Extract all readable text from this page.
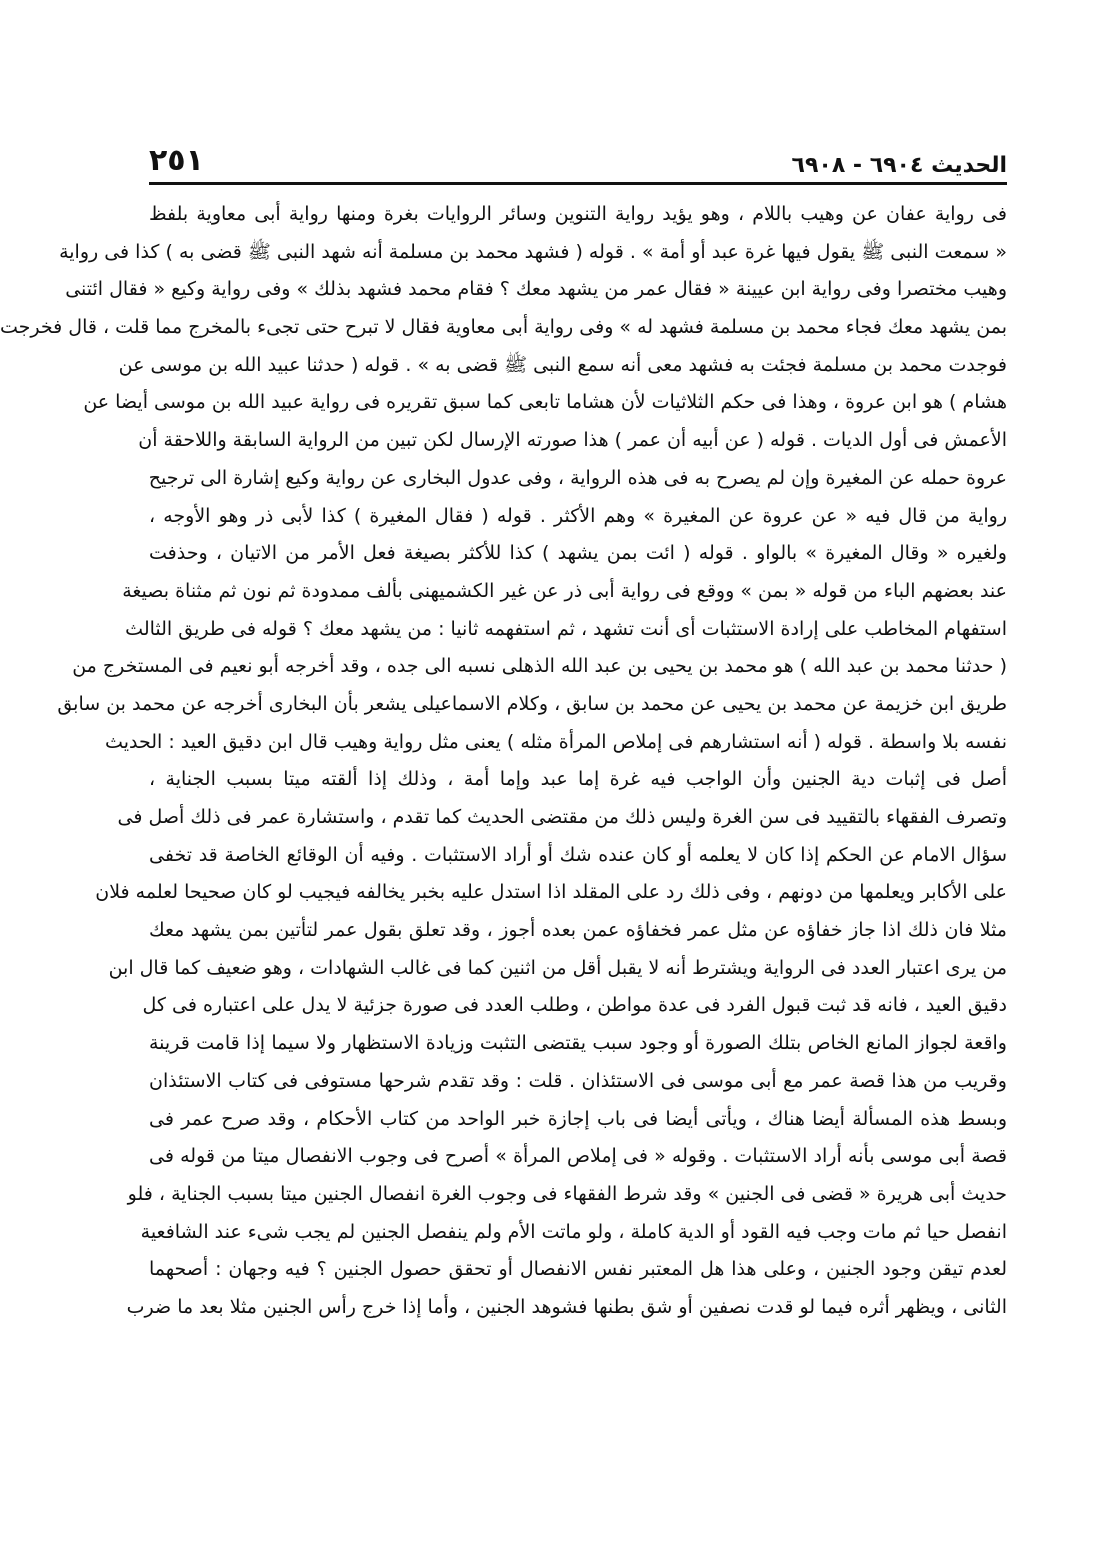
الحديث ٦٩٠٤ - ٦٩٠٨
٢٥١
فى رواية عفان عن وهيب باللام ، وهو يؤيد رواية التنوين وسائر الروايات بغرة ومنها رواية أبى معاوية بلفظ
« سمعت النبى ﷺ يقول فيها غرة عبد أو أمة » . قوله ( فشهد محمد بن مسلمة أنه شهد النبى ﷺ قضى به ) كذا فى رواية
وهيب مختصرا وفى رواية ابن عيينة « فقال عمر من يشهد معك ؟ فقام محمد فشهد بذلك » وفى رواية وكيع « فقال ائتنى
بمن يشهد معك فجاء محمد بن مسلمة فشهد له » وفى رواية أبى معاوية فقال لا تبرح حتى تجىء بالمخرج مما قلت ، قال فخرجت
فوجدت محمد بن مسلمة فجئت به فشهد معى أنه سمع النبى ﷺ قضى به » . قوله ( حدثنا عبيد الله بن موسى عن
هشام ) هو ابن عروة ، وهذا فى حكم الثلاثيات لأن هشاما تابعى كما سبق تقريره فى رواية عبيد الله بن موسى أيضا عن
الأعمش فى أول الديات . قوله ( عن أبيه أن عمر ) هذا صورته الإرسال لكن تبين من الرواية السابقة واللاحقة أن
عروة حمله عن المغيرة وإن لم يصرح به فى هذه الرواية ، وفى عدول البخارى عن رواية وكيع إشارة الى ترجيح
رواية من قال فيه « عن عروة عن المغيرة » وهم الأكثر . قوله ( فقال المغيرة ) كذا لأبى ذر وهو الأوجه ،
ولغيره « وقال المغيرة » بالواو . قوله ( ائت بمن يشهد ) كذا للأكثر بصيغة فعل الأمر من الاتيان ، وحذفت
عند بعضهم الباء من قوله « بمن » ووقع فى رواية أبى ذر عن غير الكشميهنى بألف ممدودة ثم نون ثم مثناة بصيغة
استفهام المخاطب على إرادة الاستثبات أى أنت تشهد ، ثم استفهمه ثانيا : من يشهد معك ؟ قوله فى طريق الثالث
( حدثنا محمد بن عبد الله ) هو محمد بن يحيى بن عبد الله الذهلى نسبه الى جده ، وقد أخرجه أبو نعيم فى المستخرج من
طريق ابن خزيمة عن محمد بن يحيى عن محمد بن سابق ، وكلام الاسماعيلى يشعر بأن البخارى أخرجه عن محمد بن سابق
نفسه بلا واسطة . قوله ( أنه استشارهم فى إملاص المرأة مثله ) يعنى مثل رواية وهيب قال ابن دقيق العيد : الحديث
أصل فى إثبات دية الجنين وأن الواجب فيه غرة إما عبد وإما أمة ، وذلك إذا ألقته ميتا بسبب الجناية ،
وتصرف الفقهاء بالتقييد فى سن الغرة وليس ذلك من مقتضى الحديث كما تقدم ، واستشارة عمر فى ذلك أصل فى
سؤال الامام عن الحكم إذا كان لا يعلمه أو كان عنده شك أو أراد الاستثبات . وفيه أن الوقائع الخاصة قد تخفى
على الأكابر ويعلمها من دونهم ، وفى ذلك رد على المقلد اذا استدل عليه بخبر يخالفه فيجيب لو كان صحيحا لعلمه فلان
مثلا فان ذلك اذا جاز خفاؤه عن مثل عمر فخفاؤه عمن بعده أجوز ، وقد تعلق بقول عمر لتأتين بمن يشهد معك
من يرى اعتبار العدد فى الرواية ويشترط أنه لا يقبل أقل من اثنين كما فى غالب الشهادات ، وهو ضعيف كما قال ابن
دقيق العيد ، فانه قد ثبت قبول الفرد فى عدة مواطن ، وطلب العدد فى صورة جزئية لا يدل على اعتباره فى كل
واقعة لجواز المانع الخاص بتلك الصورة أو وجود سبب يقتضى التثبت وزيادة الاستظهار ولا سيما إذا قامت قرينة
وقريب من هذا قصة عمر مع أبى موسى فى الاستئذان . قلت : وقد تقدم شرحها مستوفى فى كتاب الاستئذان
وبسط هذه المسألة أيضا هناك ، ويأتى أيضا فى باب إجازة خبر الواحد من كتاب الأحكام ، وقد صرح عمر فى
قصة أبى موسى بأنه أراد الاستثبات . وقوله « فى إملاص المرأة » أصرح فى وجوب الانفصال ميتا من قوله فى
حديث أبى هريرة « قضى فى الجنين » وقد شرط الفقهاء فى وجوب الغرة انفصال الجنين ميتا بسبب الجناية ، فلو
انفصل حيا ثم مات وجب فيه القود أو الدية كاملة ، ولو ماتت الأم ولم ينفصل الجنين لم يجب شىء عند الشافعية
لعدم تيقن وجود الجنين ، وعلى هذا هل المعتبر نفس الانفصال أو تحقق حصول الجنين ؟ فيه وجهان : أصحهما
الثانى ، ويظهر أثره فيما لو قدت نصفين أو شق بطنها فشوهد الجنين ، وأما إذا خرج رأس الجنين مثلا بعد ما ضرب
